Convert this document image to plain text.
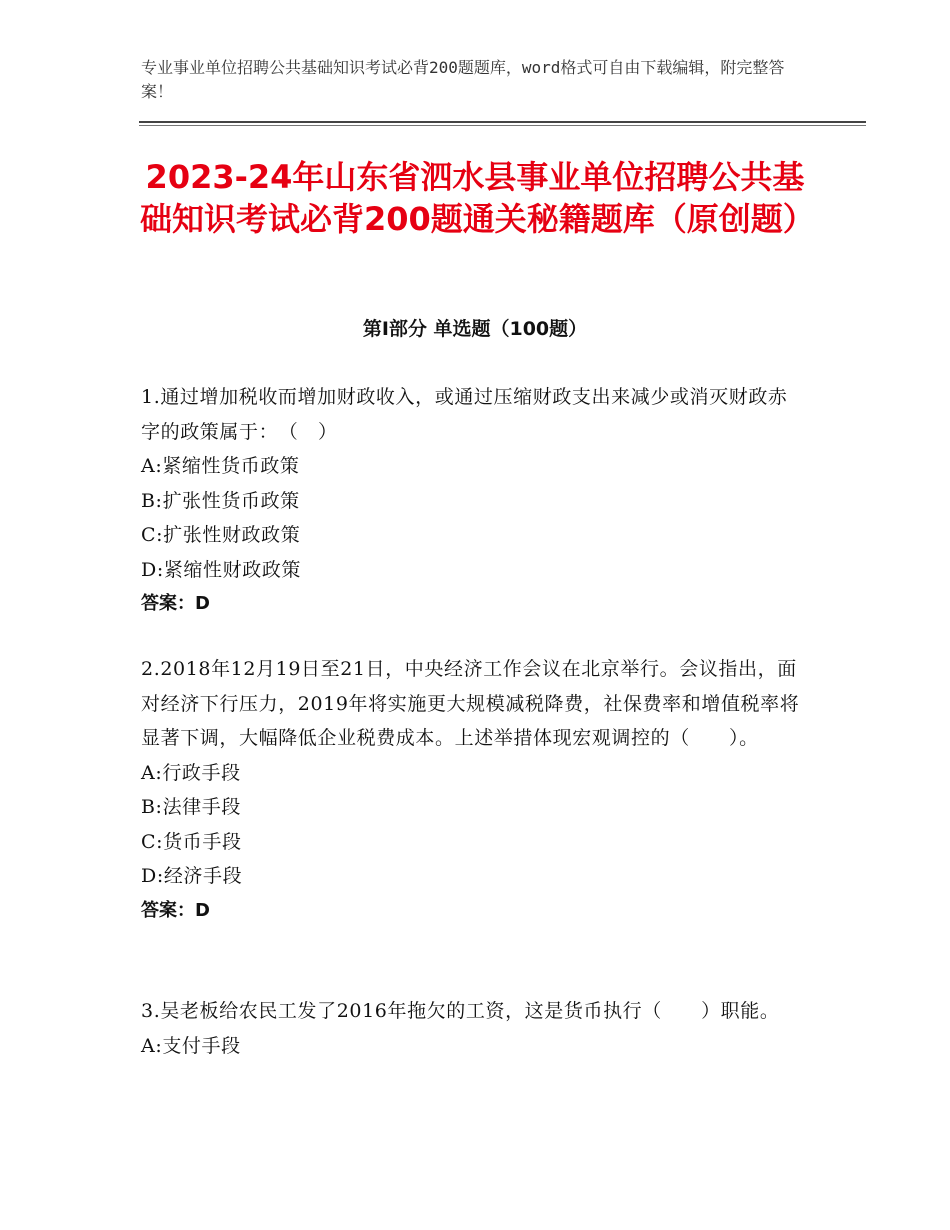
专业事业单位招聘公共基础知识考试必背200题题库，word格式可自由下载编辑，附完整答案！
2023-24年山东省泗水县事业单位招聘公共基础知识考试必背200题通关秘籍题库（原创题）
第Ⅰ部分 单选题（100题）
1.通过增加税收而增加财政收入，或通过压缩财政支出来减少或消灭财政赤字的政策属于：　（　）
A:紧缩性货币政策
B:扩张性货币政策
C:扩张性财政政策
D:紧缩性财政政策
答案：D
2.2018年12月19日至21日，中央经济工作会议在北京举行。会议指出，面对经济下行压力，2019年将实施更大规模减税降费，社保费率和增值税率将显著下调，大幅降低企业税费成本。上述举措体现宏观调控的（　　）。
A:行政手段
B:法律手段
C:货币手段
D:经济手段
答案：D
3.吴老板给农民工发了2016年拖欠的工资，这是货币执行（　　）职能。
A:支付手段
